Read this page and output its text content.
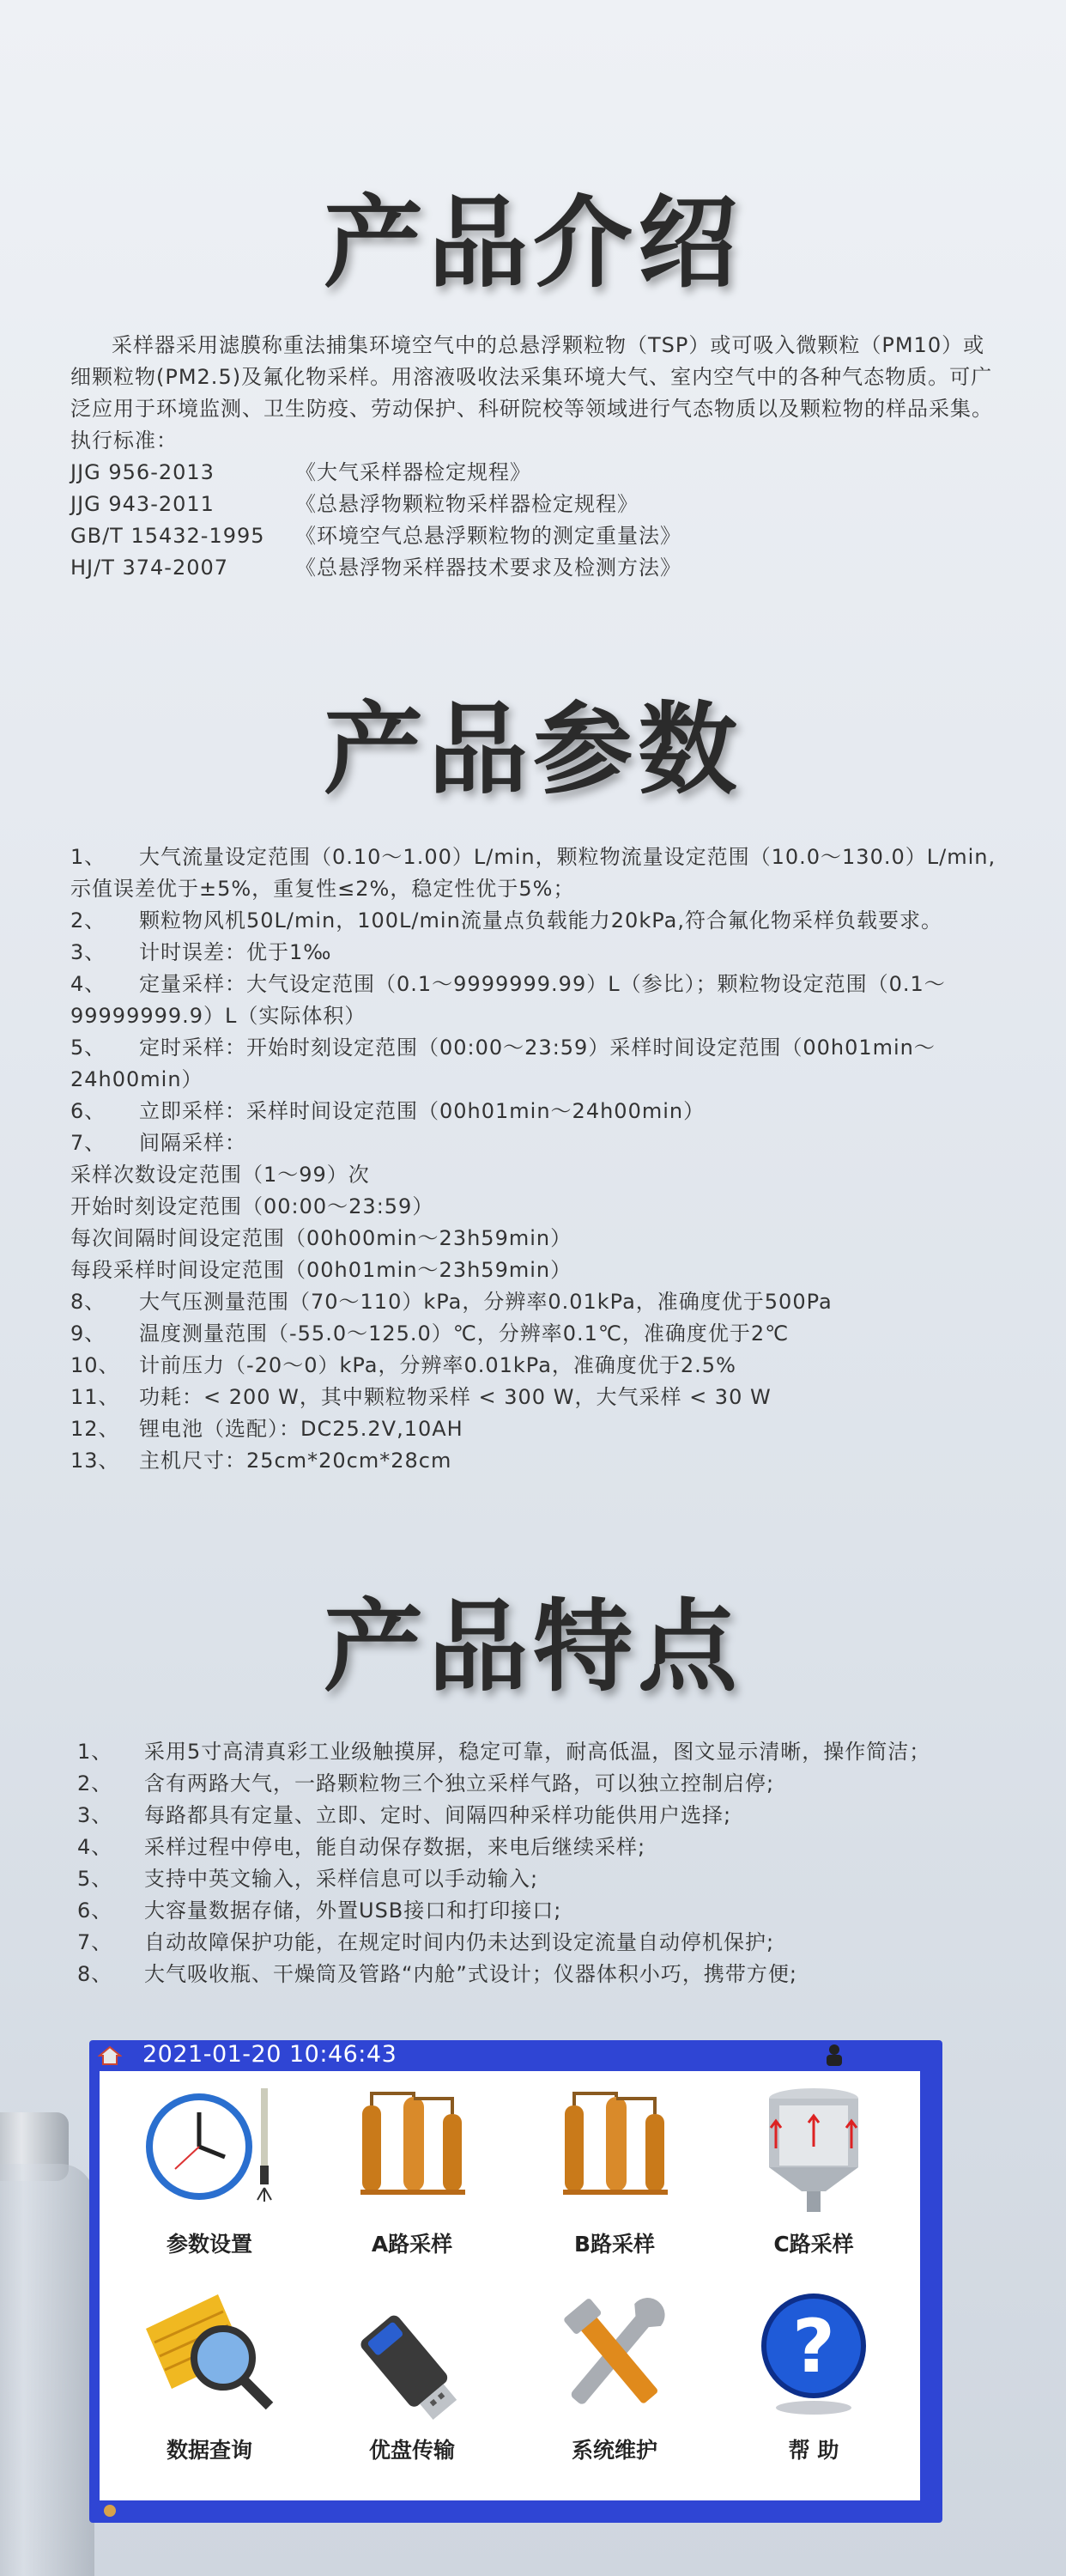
产品介绍

采样器采用滤膜称重法捕集环境空气中的总悬浮颗粒物（TSP）或可吸入微颗粒（PM10）或细颗粒物(PM2.5)及氟化物采样。用溶液吸收法采集环境大气、室内空气中的各种气态物质。可广泛应用于环境监测、卫生防疫、劳动保护、科研院校等领域进行气态物质以及颗粒物的样品采集。

执行标准：

JJG 956-2013	《大气采样器检定规程》
JJG 943-2011	《总悬浮物颗粒物采样器检定规程》
GB/T 15432-1995	《环境空气总悬浮颗粒物的测定重量法》
HJ/T 374-2007	《总悬浮物采样器技术要求及检测方法》
产品参数

1、 大气流量设定范围（0.10～1.00）L/min，颗粒物流量设定范围（10.0～130.0）L/min,示值误差优于±5%，重复性≤2%，稳定性优于5%；

2、 颗粒物风机50L/min，100L/min流量点负载能力20kPa,符合氟化物采样负载要求。

3、 计时误差：优于1‰

4、 定量采样：大气设定范围（0.1～9999999.99）L（参比）；颗粒物设定范围（0.1～99999999.9）L（实际体积）

5、 定时采样：开始时刻设定范围（00:00～23:59）采样时间设定范围（00h01min～24h00min）

6、 立即采样：采样时间设定范围（00h01min～24h00min）

7、 间隔采样：

采样次数设定范围（1～99）次

开始时刻设定范围（00:00～23:59）

每次间隔时间设定范围（00h00min～23h59min）

每段采样时间设定范围（00h01min～23h59min）

8、 大气压测量范围（70～110）kPa，分辨率0.01kPa，准确度优于500Pa

9、 温度测量范围（-55.0～125.0）℃，分辨率0.1℃，准确度优于2℃

10、 计前压力（-20～0）kPa，分辨率0.01kPa，准确度优于2.5%

11、 功耗：< 200 W，其中颗粒物采样 < 300 W，大气采样 < 30 W

12、 锂电池（选配）：DC25.2V,10AH

13、 主机尺寸：25cm*20cm*28cm

产品特点

1、 采用5寸高清真彩工业级触摸屏，稳定可靠，耐高低温，图文显示清晰，操作简洁；

2、 含有两路大气，一路颗粒物三个独立采样气路，可以独立控制启停;

3、 每路都具有定量、立即、定时、间隔四种采样功能供用户选择;

4、 采样过程中停电，能自动保存数据，来电后继续采样;

5、 支持中英文输入，采样信息可以手动输入;

6、 大容量数据存储，外置USB接口和打印接口;

7、 自动故障保护功能，在规定时间内仍未达到设定流量自动停机保护;

8、 大气吸收瓶、干燥筒及管路“内舱”式设计；仪器体积小巧，携带方便;

2021-01-20 10:46:43
参数设置	A路采样	B路采样	C路采样
数据查询	优盘传输	系统维护
?
帮 助
